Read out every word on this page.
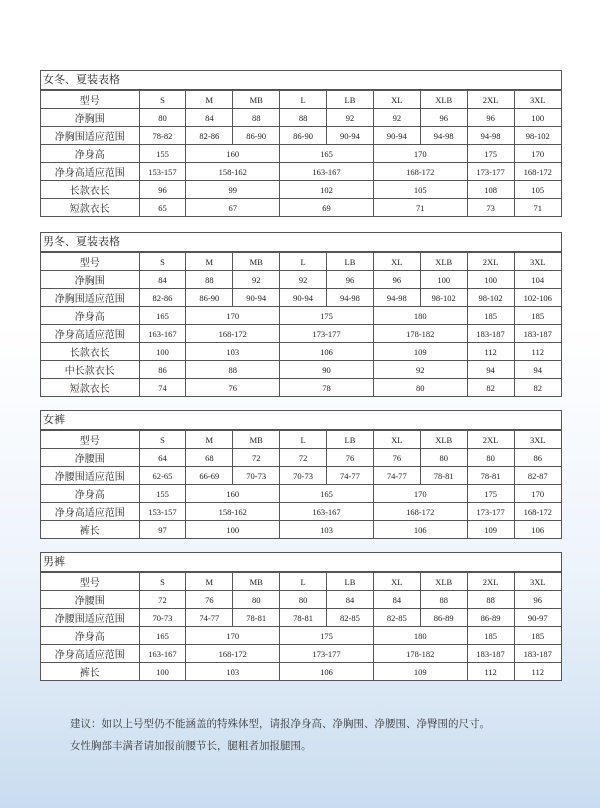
女冬、夏装表格
型号	S	M	MB	L	LB	XL	XLB	2XL	3XL
净胸围	80	84	88	88	92	92	96	96	100
净胸围适应范围	78-82	82-86	86-90	86-90	90-94	90-94	94-98	94-98	98-102
净身高	155	160		165		170		175	170
净身高适应范围	153-157	158-162		163-167		168-172		173-177	168-172
长款衣长	96	99		102		105		108	105
短款衣长	65	67		69		71		73	71
男冬、夏装表格
型号	S	M	MB	L	LB	XL	XLB	2XL	3XL
净胸围	84	88	92	92	96	96	100	100	104
净胸围适应范围	82-86	86-90	90-94	90-94	94-98	94-98	98-102	98-102	102-106
净身高	165	170		175		180		185	185
净身高适应范围	163-167	168-172		173-177		178-182		183-187	183-187
长款衣长	100	103		106		109		112	112
中长款衣长	86	88		90		92		94	94
短款衣长	74	76		78		80		82	82
女裤
型号	S	M	MB	L	LB	XL	XLB	2XL	3XL
净腰围	64	68	72	72	76	76	80	80	86
净腰围适应范围	62-65	66-69	70-73	70-73	74-77	74-77	78-81	78-81	82-87
净身高	155	160		165		170		175	170
净身高适应范围	153-157	158-162		163-167		168-172		173-177	168-172
裤长	97	100		103		106		109	106
男裤
型号	S	M	MB	L	LB	XL	XLB	2XL	3XL
净腰围	72	76	80	80	84	84	88	88	96
净腰围适应范围	70-73	74-77	78-81	78-81	82-85	82-85	86-89	86-89	90-97
净身高	165	170		175		180		185	185
净身高适应范围	163-167	168-172		173-177		178-182		183-187	183-187
裤长	100	103		106		109		112	112
建议：如以上号型仍不能涵盖的特殊体型，请报净身高、净胸围、净腰围、净臀围的尺寸。
女性胸部丰满者请加报前腰节长，腿粗者加报腿围。
